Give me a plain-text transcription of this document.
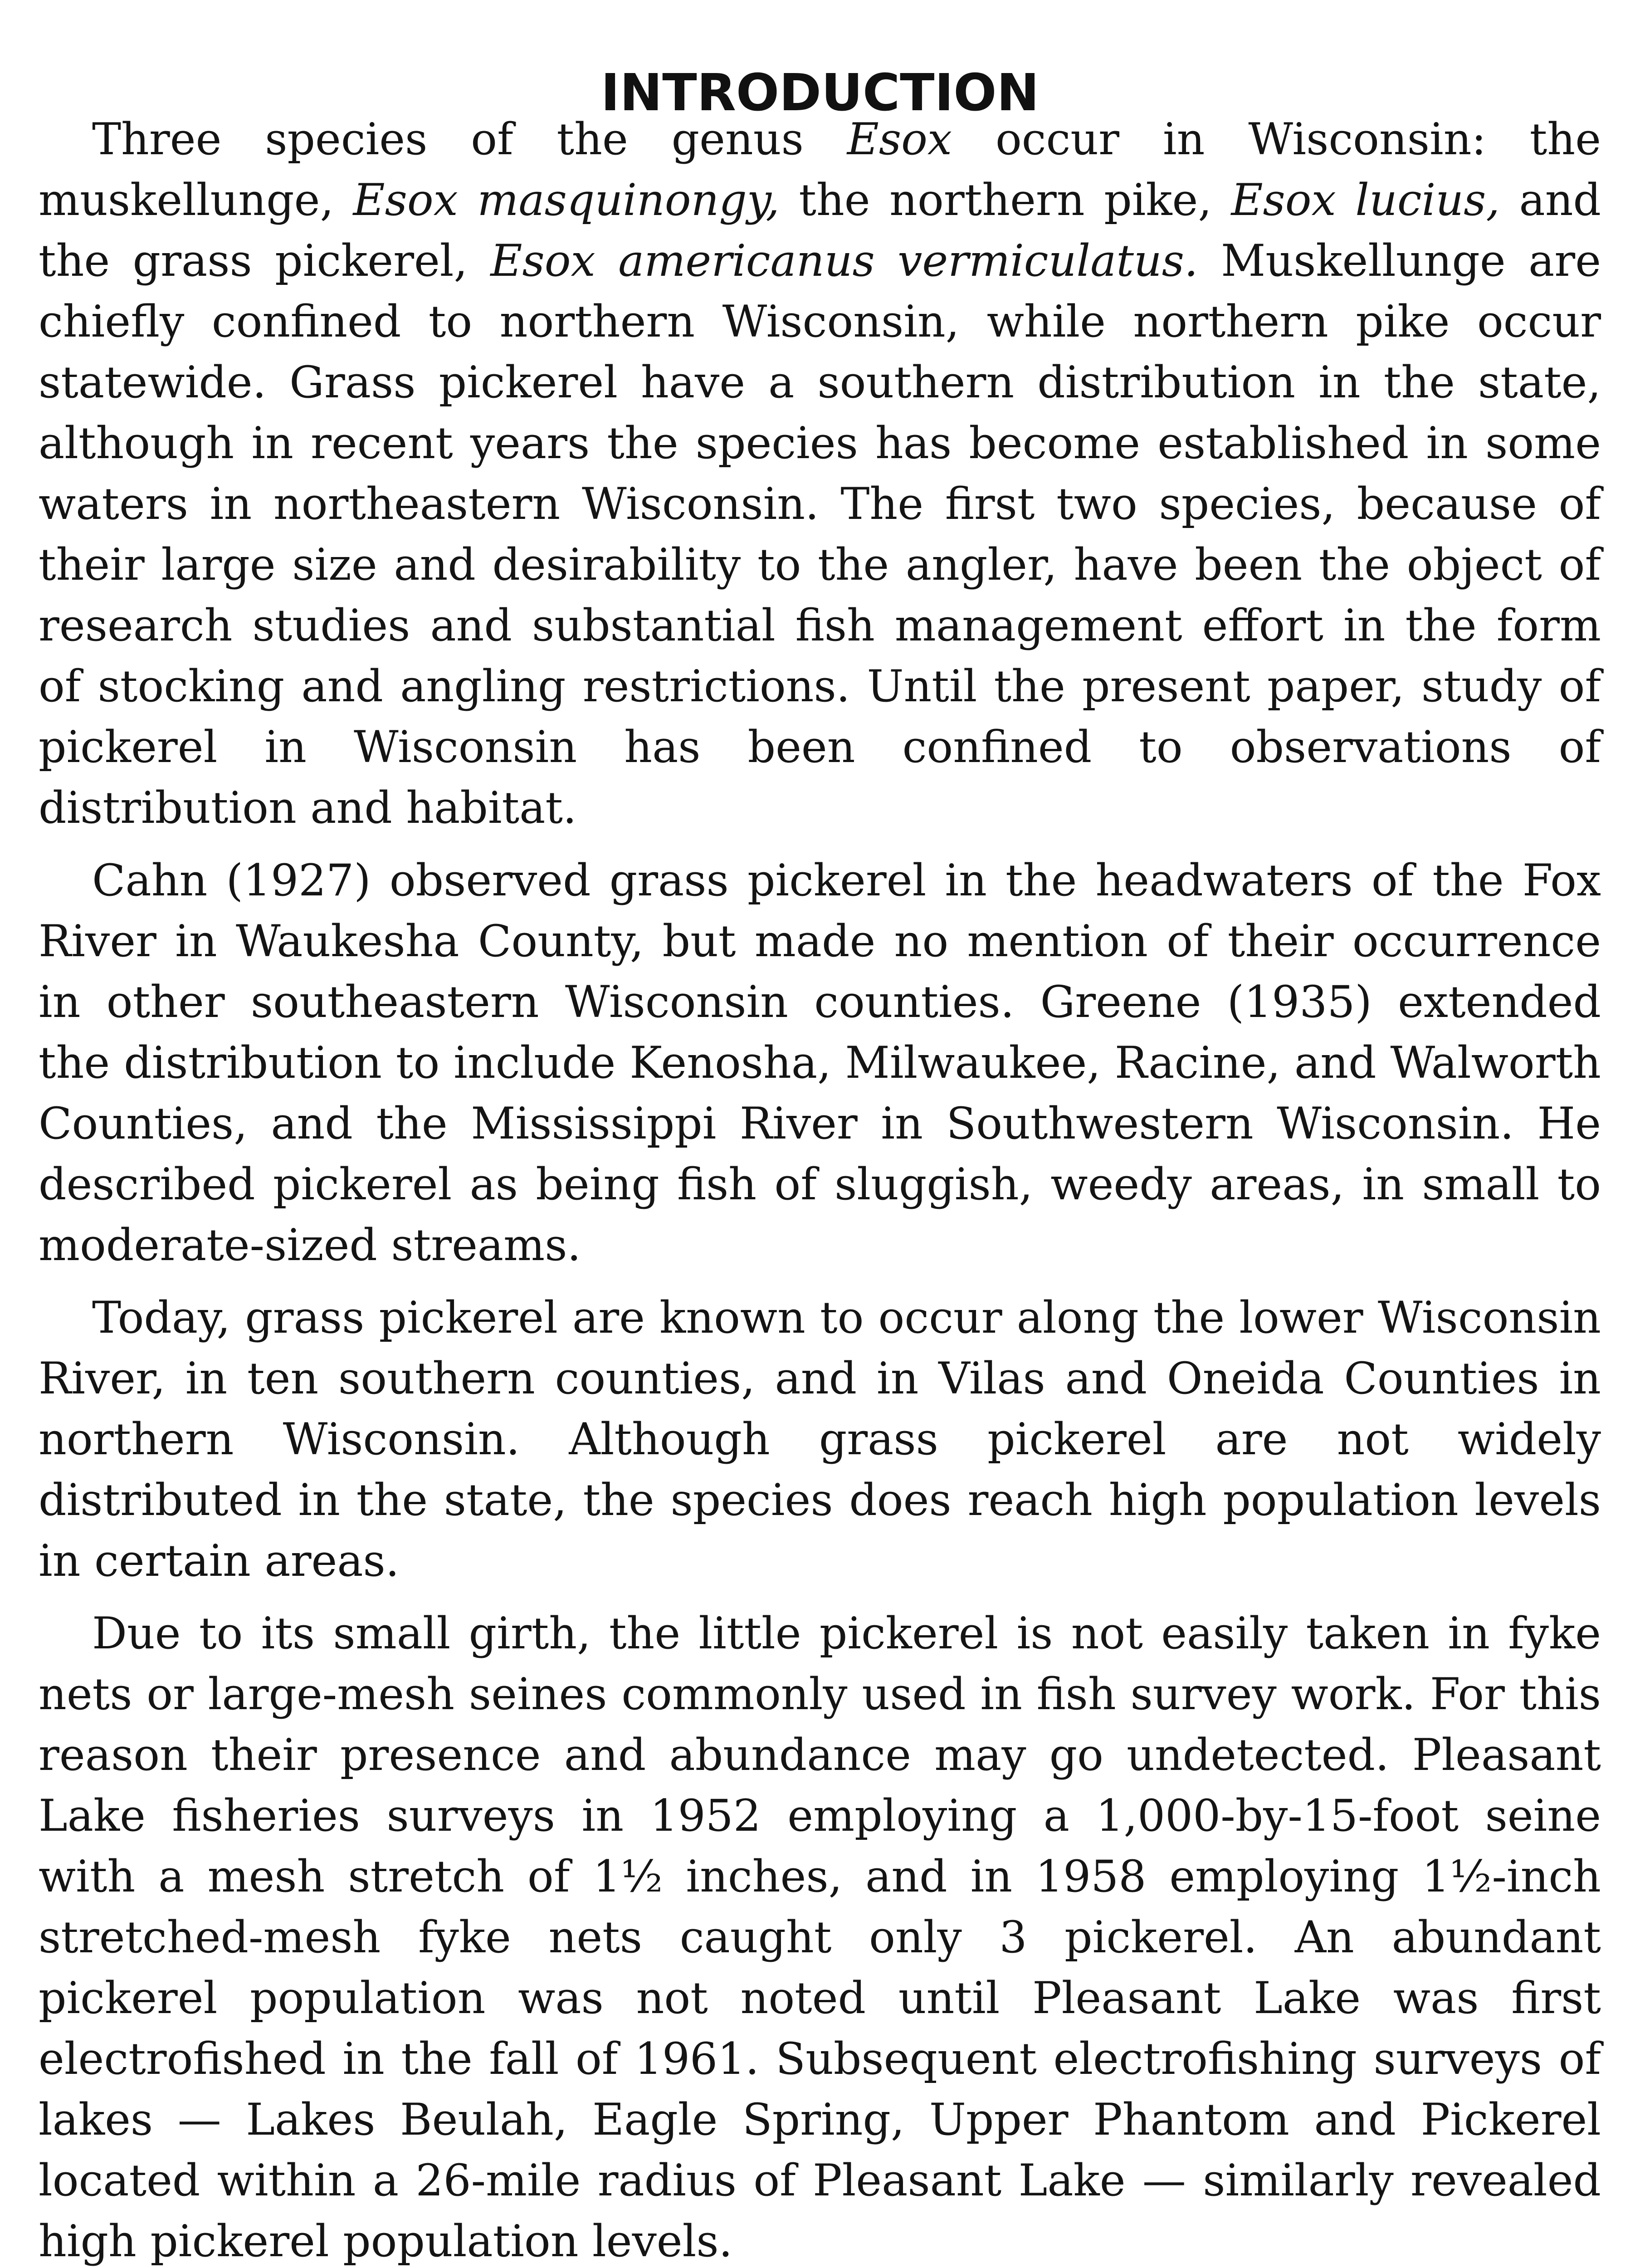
INTRODUCTION

Three species of the genus Esox occur in Wisconsin: the muskellunge, Esox masquinongy, the northern pike, Esox lucius, and the grass pickerel, Esox americanus vermiculatus. Muskellunge are chiefly confined to northern Wisconsin, while northern pike occur statewide. Grass pickerel have a southern distribution in the state, although in recent years the species has become established in some waters in northeastern Wisconsin. The first two species, because of their large size and desirability to the angler, have been the object of research studies and substantial fish management effort in the form of stocking and angling restrictions. Until the present paper, study of pickerel in Wisconsin has been confined to observations of distribution and habitat.

Cahn (1927) observed grass pickerel in the headwaters of the Fox River in Waukesha County, but made no mention of their occurrence in other southeastern Wisconsin counties. Greene (1935) extended the distribution to include Kenosha, Milwaukee, Racine, and Walworth Counties, and the Mississippi River in Southwestern Wisconsin. He described pickerel as being fish of sluggish, weedy areas, in small to moderate-sized streams.

Today, grass pickerel are known to occur along the lower Wisconsin River, in ten southern counties, and in Vilas and Oneida Counties in northern Wisconsin. Although grass pickerel are not widely distributed in the state, the species does reach high population levels in certain areas.

Due to its small girth, the little pickerel is not easily taken in fyke nets or large-mesh seines commonly used in fish survey work. For this reason their presence and abundance may go undetected. Pleasant Lake fisheries surveys in 1952 employing a 1,000-by-15-foot seine with a mesh stretch of 1½ inches, and in 1958 employing 1½-inch stretched-mesh fyke nets caught only 3 pickerel. An abundant pickerel population was not noted until Pleasant Lake was first electrofished in the fall of 1961. Subsequent electrofishing surveys of lakes — Lakes Beulah, Eagle Spring, Upper Phantom and Pickerel located within a 26-mile radius of Pleasant Lake — similarly revealed high pickerel population levels.
